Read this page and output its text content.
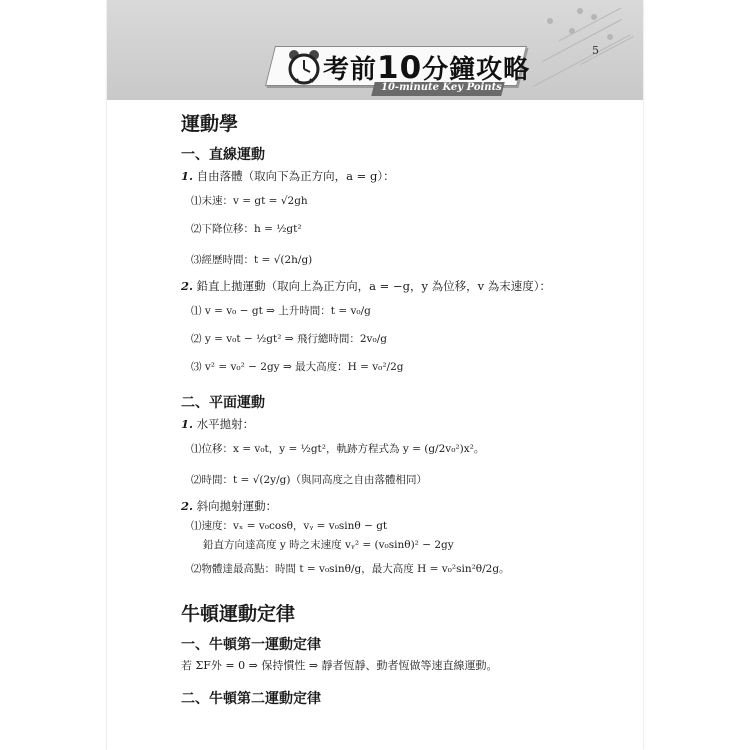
5
考前10分鐘攻略
10-minute Key Points
運動學
一、直線運動
1. 自由落體（取向下為正方向，a = g）：
⑴末速：v = gt = √2gh
⑵下降位移：h = ½gt²
⑶經歷時間：t = √(2h/g)
2. 鉛直上拋運動（取向上為正方向，a = −g，y 為位移，v 為末速度）：
⑴ v = v₀ − gt ⇒ 上升時間：t = v₀/g
⑵ y = v₀t − ½gt² ⇒ 飛行總時間：2v₀/g
⑶ v² = v₀² − 2gy ⇒ 最大高度：H = v₀²/2g
二、平面運動
1. 水平拋射：
⑴位移：x = v₀t，y = ½gt²，軌跡方程式為 y = (g/2v₀²)x²。
⑵時間：t = √(2y/g)（與同高度之自由落體相同）
2. 斜向拋射運動：
⑴速度：vₓ = v₀cosθ，vᵧ = v₀sinθ − gt
鉛直方向達高度 y 時之末速度 vᵧ² = (v₀sinθ)² − 2gy
⑵物體達最高點：時間 t = v₀sinθ/g，最大高度 H = v₀²sin²θ/2g。
牛頓運動定律
一、牛頓第一運動定律
若 ΣF外 = 0 ⇒ 保持慣性 ⇒ 靜者恆靜、動者恆做等速直線運動。
二、牛頓第二運動定律
